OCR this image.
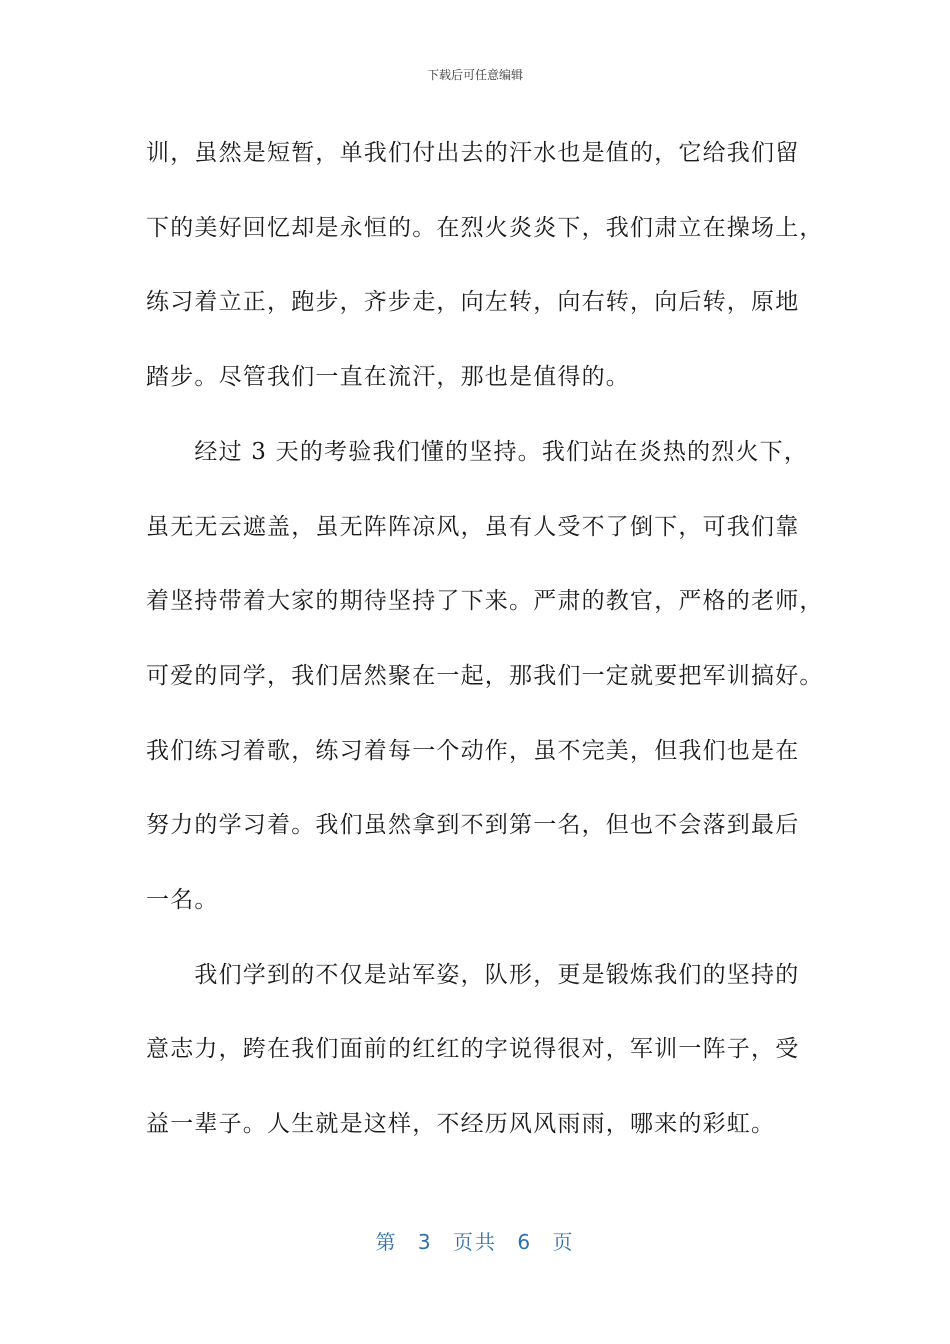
下载后可任意编辑

训，虽然是短暂，单我们付出去的汗水也是值的，它给我们留
下的美好回忆却是永恒的。在烈火炎炎下，我们肃立在操场上，
练习着立正，跑步，齐步走，向左转，向右转，向后转，原地
踏步。尽管我们一直在流汗，那也是值得的。

　　经过 3 天的考验我们懂的坚持。我们站在炎热的烈火下，
虽无无云遮盖，虽无阵阵凉风，虽有人受不了倒下，可我们靠
着坚持带着大家的期待坚持了下来。严肃的教官，严格的老师，
可爱的同学，我们居然聚在一起，那我们一定就要把军训搞好。
我们练习着歌，练习着每一个动作，虽不完美，但我们也是在
努力的学习着。我们虽然拿到不到第一名，但也不会落到最后
一名。

　　我们学到的不仅是站军姿，队形，更是锻炼我们的坚持的
意志力，跨在我们面前的红红的字说得很对，军训一阵子，受
益一辈子。人生就是这样，不经历风风雨雨，哪来的彩虹。

第 3 页共 6 页
